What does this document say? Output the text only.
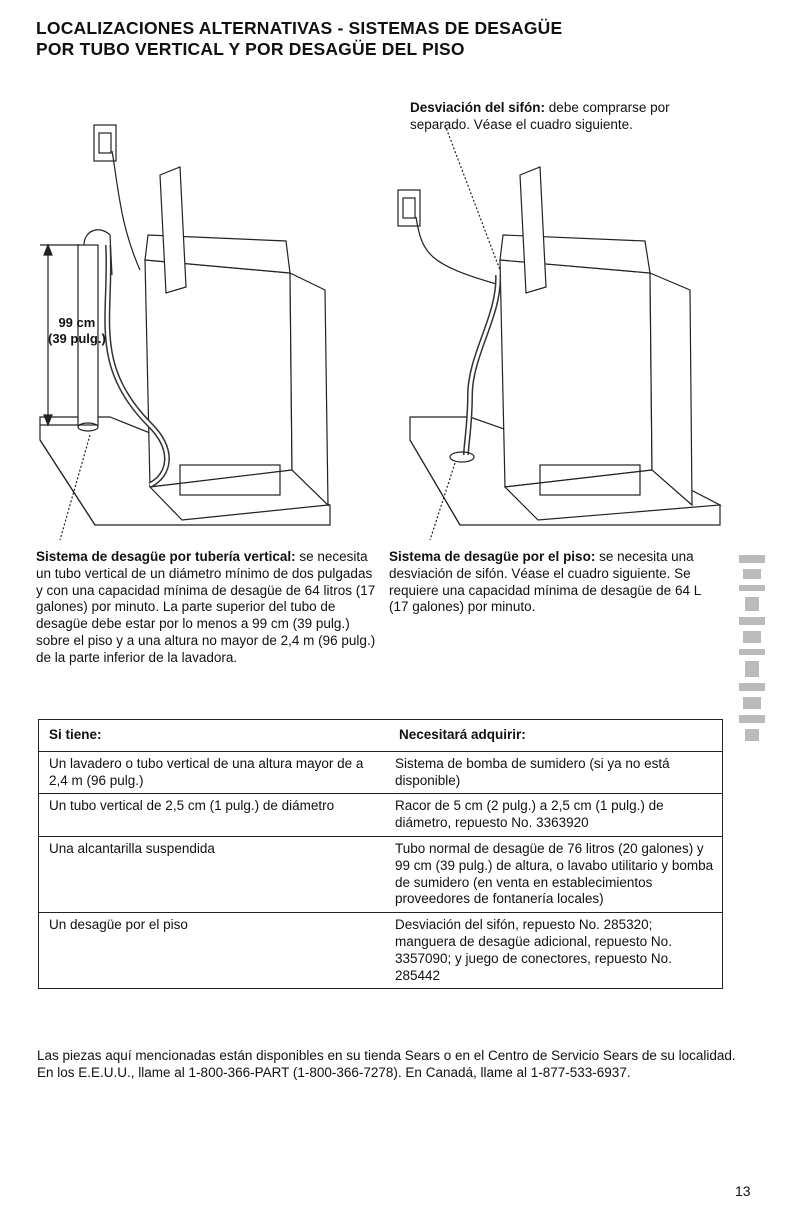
LOCALIZACIONES ALTERNATIVAS - SISTEMAS DE DESAGÜE
POR TUBO VERTICAL Y POR DESAGÜE DEL PISO
Desviación del sifón: debe comprarse por separado. Véase el cuadro siguiente.
99 cm
(39 pulg.)
Sistema de desagüe por tubería vertical: se necesita un tubo vertical de un diámetro mínimo de dos pulgadas y con una capacidad mínima de desagüe de 64 litros (17 galones) por minuto. La parte superior del tubo de desagüe debe estar por lo menos a 99 cm (39 pulg.) sobre el piso y a una altura no mayor de 2,4 m (96 pulg.) de la parte inferior de la lavadora.
Sistema de desagüe por el piso: se necesita una desviación de sifón. Véase el cuadro siguiente. Se requiere una capacidad mínima de desagüe de 64 L (17 galones) por minuto.
Si tiene:	Necesitará adquirir:
Un lavadero o tubo vertical de una altura mayor de a 2,4 m (96 pulg.)	Sistema de bomba de sumidero (si ya no está disponible)
Un tubo vertical de 2,5 cm (1 pulg.) de diámetro	Racor de 5 cm (2 pulg.) a 2,5 cm (1 pulg.) de diámetro, repuesto No. 3363920
Una alcantarilla suspendida	Tubo normal de desagüe de 76 litros (20 galones) y 99 cm (39 pulg.) de altura, o lavabo utilitario y bomba de sumidero (en venta en establecimientos proveedores de fontanería locales)
Un desagüe por el piso	Desviación del sifón, repuesto No. 285320; manguera de desagüe adicional, repuesto No. 3357090; y juego de conectores, repuesto No. 285442
Las piezas aquí mencionadas están disponibles en su tienda Sears o en el Centro de Servicio Sears de su localidad. En los E.E.U.U., llame al 1-800-366-PART (1-800-366-7278). En Canadá, llame al 1-877-533-6937.
13
